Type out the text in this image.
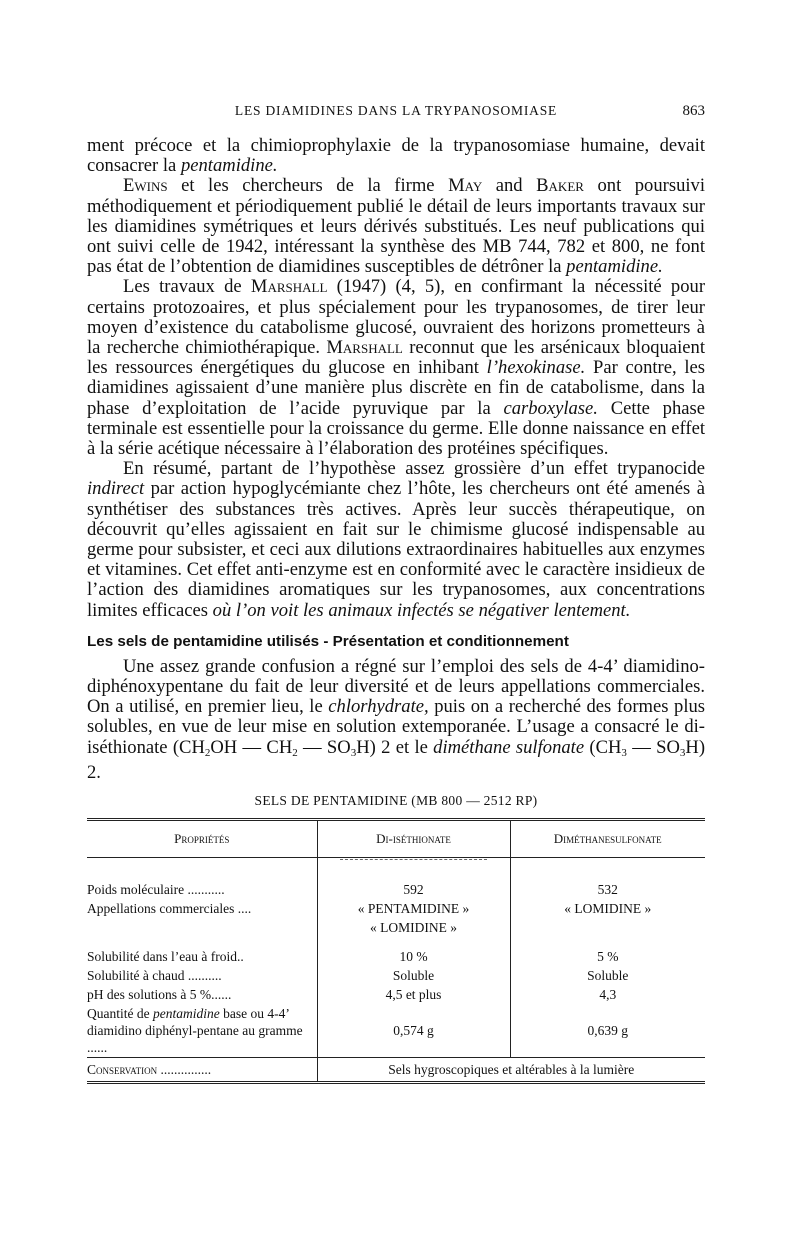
LES DIAMIDINES DANS LA TRYPANOSOMIASE	863

ment précoce et la chimioprophylaxie de la trypanosomiase humaine, devait consacrer la pentamidine.

Ewins et les chercheurs de la firme May and Baker ont poursuivi méthodiquement et périodiquement publié le détail de leurs importants travaux sur les diamidines symétriques et leurs dérivés substitués. Les neuf publications qui ont suivi celle de 1942, intéressant la synthèse des MB 744, 782 et 800, ne font pas état de l’obtention de diamidines susceptibles de détrôner la pentamidine.

Les travaux de Marshall (1947) (4, 5), en confirmant la nécessité pour certains protozoaires, et plus spécialement pour les trypanosomes, de tirer leur moyen d’existence du catabolisme glucosé, ouvraient des horizons prometteurs à la recherche chimiothérapique. Marshall reconnut que les arsénicaux bloquaient les ressources énergétiques du glucose en inhibant l’hexokinase. Par contre, les diamidines agissaient d’une manière plus discrète en fin de catabolisme, dans la phase d’exploitation de l’acide pyruvique par la carboxylase. Cette phase terminale est essentielle pour la croissance du germe. Elle donne naissance en effet à la série acétique nécessaire à l’élaboration des protéines spécifiques.

En résumé, partant de l’hypothèse assez grossière d’un effet trypanocide indirect par action hypoglycémiante chez l’hôte, les chercheurs ont été amenés à synthétiser des substances très actives. Après leur succès thérapeutique, on découvrit qu’elles agissaient en fait sur le chimisme glucosé indispensable au germe pour subsister, et ceci aux dilutions extraordinaires habituelles aux enzymes et vitamines. Cet effet anti-enzyme est en conformité avec le caractère insidieux de l’action des diamidines aromatiques sur les trypanosomes, aux concentrations limites efficaces où l’on voit les animaux infectés se négativer lentement.

Les sels de pentamidine utilisés - Présentation et conditionnement

Une assez grande confusion a régné sur l’emploi des sels de 4-4’ diamidino-diphénoxypentane du fait de leur diversité et de leurs appellations commerciales. On a utilisé, en premier lieu, le chlorhydrate, puis on a recherché des formes plus solubles, en vue de leur mise en solution extemporanée. L’usage a consacré le di-iséthionate ($CH_2OH$ — $CH_2$ — $SO_3H$) 2 et le diméthane sulfonate ($CH_3$ — $SO_3H$) 2.

SELS DE PENTAMIDINE (MB 800 — 2512 RP)
Propriétés	Di-iséthionate	Diméthanesulfonate

Poids moléculaire ...........	592	532
Appellations commerciales ....	« PENTAMIDINE »	« LOMIDINE »
	« LOMIDINE »	

Solubilité dans l’eau à froid..	10 %	5 %
Solubilité à chaud ..........	Soluble	Soluble
pH des solutions à 5 %......	4,5 et plus	4,3
Quantité de pentamidine base ou 4-4’ diamidino diphényl-pentane au gramme ......	0,574 g	0,639 g
Conservation ...............	Sels hygroscopiques et altérables à la lumière	
